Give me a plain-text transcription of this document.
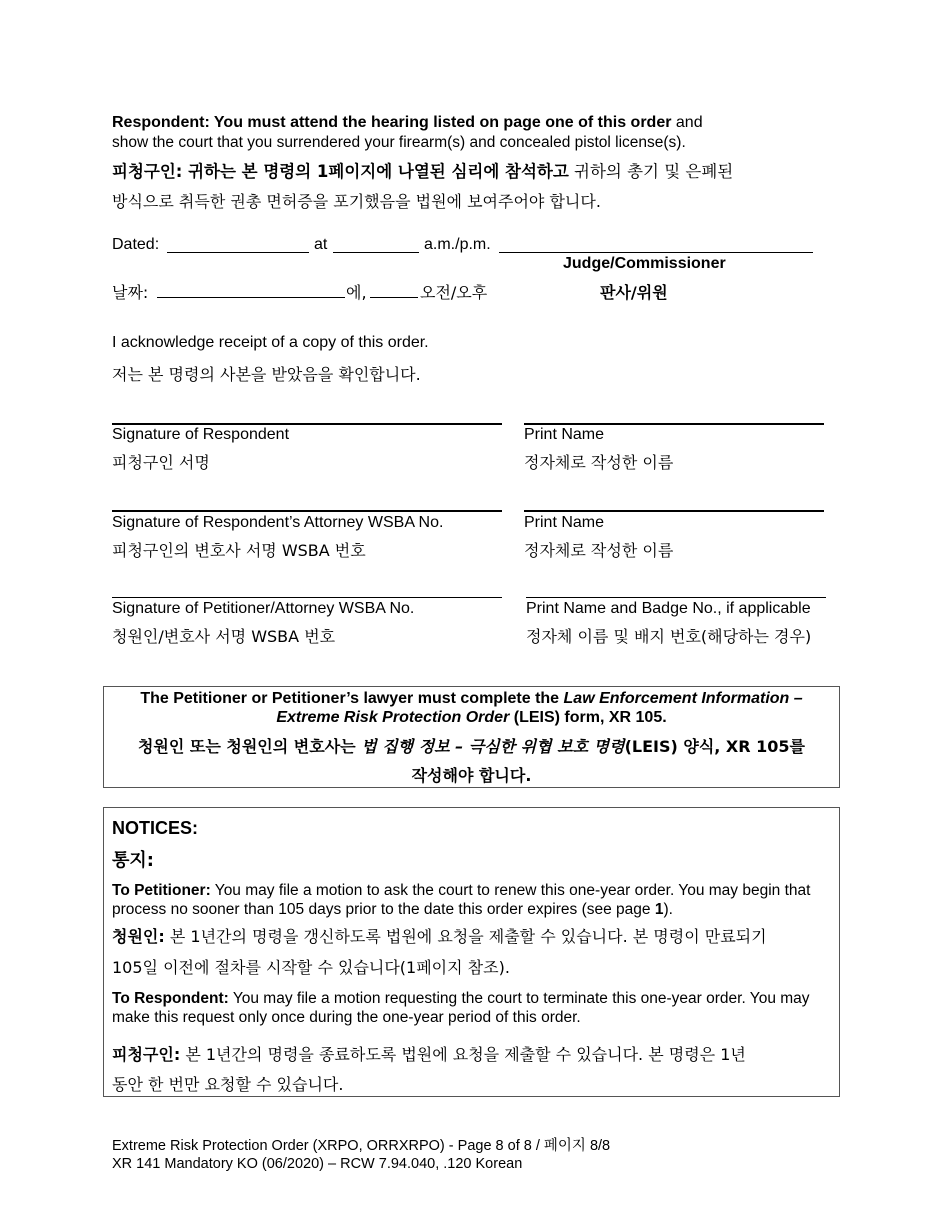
Respondent: You must attend the hearing listed on page one of this order and
show the court that you surrendered your firearm(s) and concealed pistol license(s).
피청구인: 귀하는 본 명령의 1페이지에 나열된 심리에 참석하고 귀하의 총기 및 은폐된
방식으로 취득한 권총 면허증을 포기했음을 법원에 보여주어야 합니다.
Dated:	at	a.m./p.m.
Judge/Commissioner
날짜:	에,	오전/오후	판사/위원
I acknowledge receipt of a copy of this order.
저는 본 명령의 사본을 받았음을 확인합니다.
Signature of Respondent
피청구인 서명
Print Name
정자체로 작성한 이름
Signature of Respondent’s Attorney WSBA No.
피청구인의 변호사 서명 WSBA 번호
Print Name
정자체로 작성한 이름
Signature of Petitioner/Attorney WSBA No.
청원인/변호사 서명 WSBA 번호
Print Name and Badge No., if applicable
정자체 이름 및 배지 번호(해당하는 경우)
The Petitioner or Petitioner’s lawyer must complete the Law Enforcement Information –
Extreme Risk Protection Order (LEIS) form, XR 105.
청원인 또는 청원인의 변호사는 법 집행 정보 – 극심한 위협 보호 명령(LEIS) 양식, XR 105를
작성해야 합니다.
NOTICES:
통지:
To Petitioner: You may file a motion to ask the court to renew this one-year order. You may begin that process no sooner than 105 days prior to the date this order expires (see page 1).
청원인: 본 1년간의 명령을 갱신하도록 법원에 요청을 제출할 수 있습니다. 본 명령이 만료되기
105일 이전에 절차를 시작할 수 있습니다(1페이지 참조).
To Respondent: You may file a motion requesting the court to terminate this one-year order. You may make this request only once during the one-year period of this order.
피청구인: 본 1년간의 명령을 종료하도록 법원에 요청을 제출할 수 있습니다. 본 명령은 1년
동안 한 번만 요청할 수 있습니다.
Extreme Risk Protection Order (XRPO, ORRXRPO) - Page 8 of 8 / 페이지 8/8
XR 141 Mandatory KO (06/2020) – RCW 7.94.040, .120 Korean
